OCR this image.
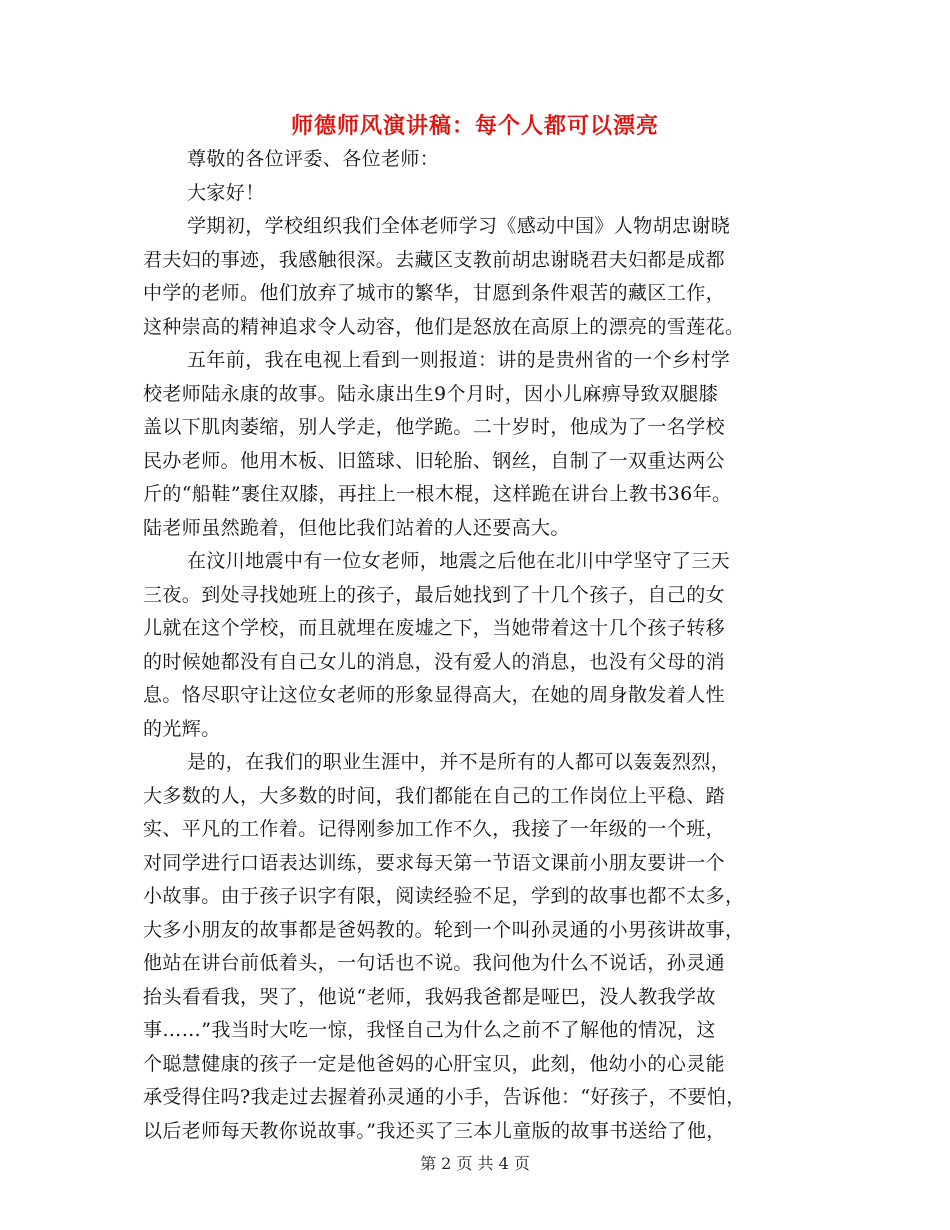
师德师风演讲稿：每个人都可以漂亮
尊敬的各位评委、各位老师：
大家好！
学期初，学校组织我们全体老师学习《感动中国》人物胡忠谢晓
君夫妇的事迹，我感触很深。去藏区支教前胡忠谢晓君夫妇都是成都
中学的老师。他们放弃了城市的繁华，甘愿到条件艰苦的藏区工作，
这种崇高的精神追求令人动容，他们是怒放在高原上的漂亮的雪莲花。
五年前，我在电视上看到一则报道：讲的是贵州省的一个乡村学
校老师陆永康的故事。陆永康出生9个月时，因小儿麻痹导致双腿膝
盖以下肌肉萎缩，别人学走，他学跪。二十岁时，他成为了一名学校
民办老师。他用木板、旧篮球、旧轮胎、钢丝，自制了一双重达两公
斤的“船鞋”裹住双膝，再拄上一根木棍，这样跪在讲台上教书36年。
陆老师虽然跪着，但他比我们站着的人还要高大。
在汶川地震中有一位女老师，地震之后他在北川中学坚守了三天
三夜。到处寻找她班上的孩子，最后她找到了十几个孩子，自己的女
儿就在这个学校，而且就埋在废墟之下，当她带着这十几个孩子转移
的时候她都没有自己女儿的消息，没有爱人的消息，也没有父母的消
息。恪尽职守让这位女老师的形象显得高大，在她的周身散发着人性
的光辉。
是的，在我们的职业生涯中，并不是所有的人都可以轰轰烈烈，
大多数的人，大多数的时间，我们都能在自己的工作岗位上平稳、踏
实、平凡的工作着。记得刚参加工作不久，我接了一年级的一个班，
对同学进行口语表达训练，要求每天第一节语文课前小朋友要讲一个
小故事。由于孩子识字有限，阅读经验不足，学到的故事也都不太多，
大多小朋友的故事都是爸妈教的。轮到一个叫孙灵通的小男孩讲故事，
他站在讲台前低着头，一句话也不说。我问他为什么不说话，孙灵通
抬头看看我，哭了，他说“老师，我妈我爸都是哑巴，没人教我学故
事……”我当时大吃一惊，我怪自己为什么之前不了解他的情况，这
个聪慧健康的孩子一定是他爸妈的心肝宝贝，此刻，他幼小的心灵能
承受得住吗?我走过去握着孙灵通的小手，告诉他：“好孩子，不要怕，
以后老师每天教你说故事。”我还买了三本儿童版的故事书送给了他，
第 2 页 共 4 页
